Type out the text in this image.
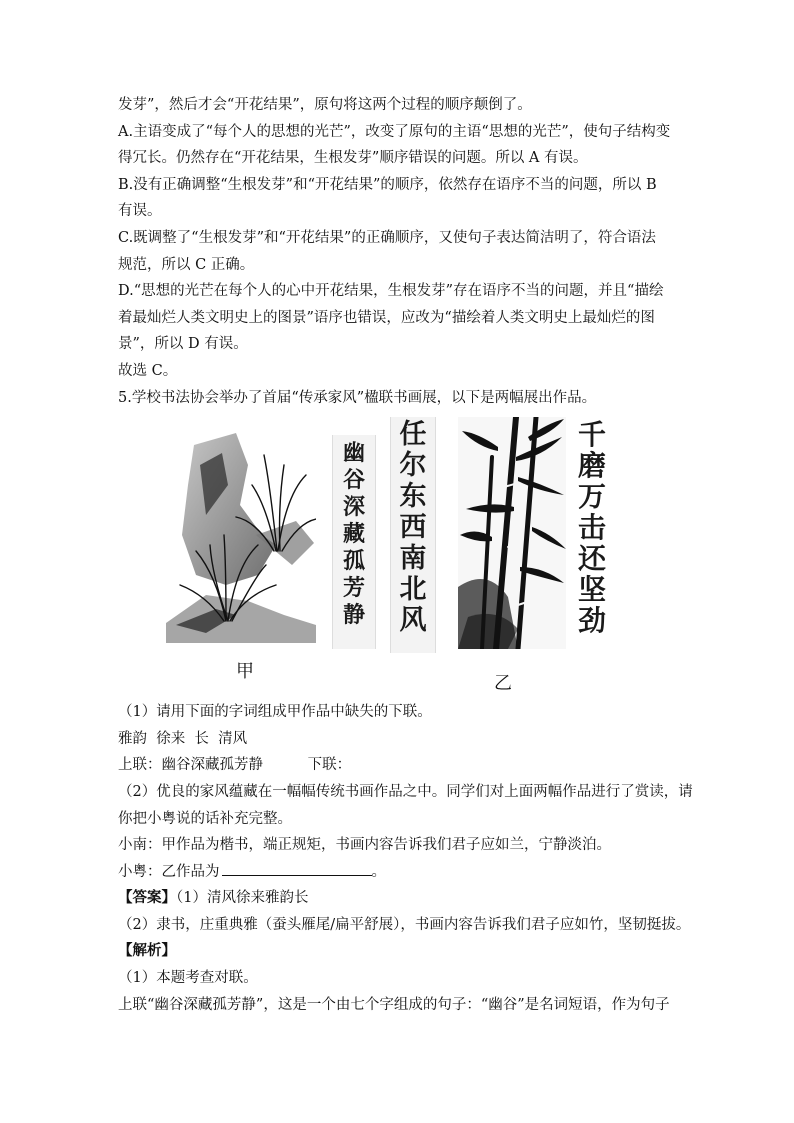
发芽”，然后才会“开花结果”，原句将这两个过程的顺序颠倒了。
A.主语变成了“每个人的思想的光芒”，改变了原句的主语“思想的光芒”，使句子结构变
得冗长。仍然存在“开花结果，生根发芽”顺序错误的问题。所以 A 有误。
B.没有正确调整“生根发芽”和“开花结果”的顺序，依然存在语序不当的问题，所以 B
有误。
C.既调整了“生根发芽”和“开花结果”的正确顺序，又使句子表达简洁明了，符合语法
规范，所以 C 正确。
D.“思想的光芒在每个人的心中开花结果，生根发芽”存在语序不当的问题，并且“描绘
着最灿烂人类文明史上的图景”语序也错误，应改为“描绘着人类文明史上最灿烂的图
景”，所以 D 有误。
故选 C。
5.学校书法协会举办了首届“传承家风”楹联书画展，以下是两幅展出作品。
幽
谷
深
藏
孤
芳
静
任
尔
东
西
南
北
风
千
磨
万
击
还
坚
劲
甲
乙
（1）请用下面的字词组成甲作品中缺失的下联。
雅韵  徐来  长  清风
上联：幽谷深藏孤芳静	下联：
（2）优良的家风蕴藏在一幅幅传统书画作品之中。同学们对上面两幅作品进行了赏读，请
你把小粤说的话补充完整。
小南：甲作品为楷书，端正规矩，书画内容告诉我们君子应如兰，宁静淡泊。
小粤：乙作品为	。
【答案】（1）清风徐来雅韵长
（2）隶书，庄重典雅（蚕头雁尾/扁平舒展），书画内容告诉我们君子应如竹，坚韧挺拔。
【解析】
（1）本题考查对联。
上联“幽谷深藏孤芳静”，这是一个由七个字组成的句子：“幽谷”是名词短语，作为句子
